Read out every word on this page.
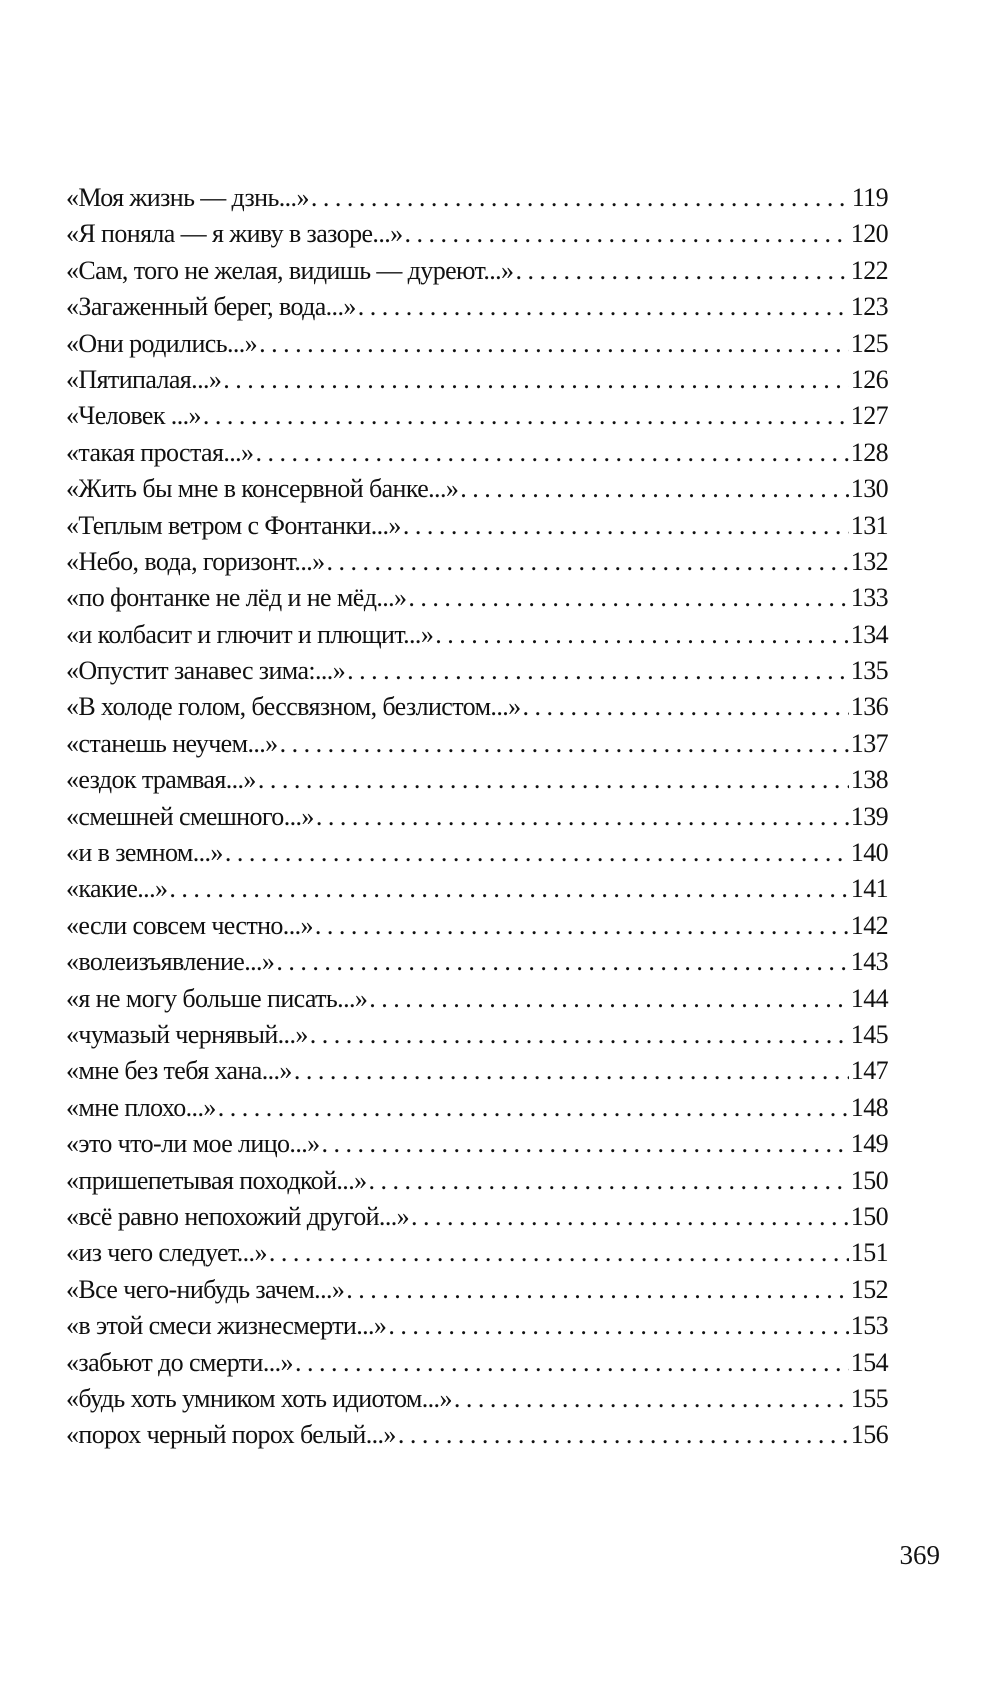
«Моя жизнь — дзнь...» . . .	119
«Я поняла — я живу в зазоре...» . . .	120
«Сам, того не желая, видишь — дуреют...» . . .	122
«Загаженный берег, вода...» . . .	123
«Они родились...» . . .	125
«Пятипалая...» . . .	126
«Человек ...» . . .	127
«такая простая...» . . .	128
«Жить бы мне в консервной банке...» . . .	130
«Теплым ветром с Фонтанки...» . . .	131
«Небо, вода, горизонт...» . . .	132
«по фонтанке не лёд и не мёд...» . . .	133
«и колбасит и глючит и плющит...» . . .	134
«Опустит занавес зима:...» . . .	135
«В холоде голом, бессвязном, безлистом...» . . .	136
«станешь неучем...» . . .	137
«ездок трамвая...» . . .	138
«смешней смешного...» . . .	139
«и в земном...» . . .	140
«какие...» . . .	141
«если совсем честно...» . . .	142
«волеизъявление...» . . .	143
«я не могу больше писать...» . . .	144
«чумазый чернявый...» . . .	145
«мне без тебя хана...» . . .	147
«мне плохо...» . . .	148
«это что-ли мое лицо...» . . .	149
«пришепетывая походкой...» . . .	150
«всё равно непохожий другой...» . . .	150
«из чего следует...» . . .	151
«Все чего-нибудь зачем...» . . .	152
«в этой смеси жизнесмерти...» . . .	153
«забьют до смерти...» . . .	154
«будь хоть умником хоть идиотом...» . . .	155
«порох черный порох белый...» . . .	156
369
